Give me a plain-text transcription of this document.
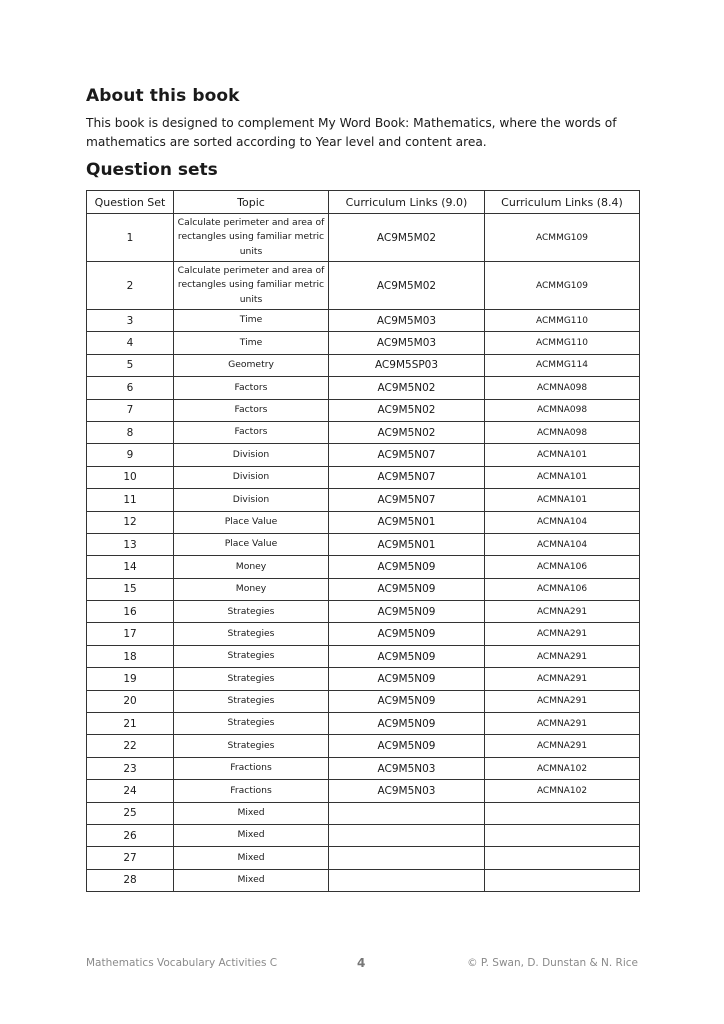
About this book

This book is designed to complement My Word Book: Mathematics, where the words of mathematics are sorted according to Year level and content area.

Question sets
Question Set	Topic	Curriculum Links (9.0)	Curriculum Links (8.4)
1	Calculate perimeter and area of rectangles using familiar metric units	AC9M5M02	ACMMG109
2	Calculate perimeter and area of rectangles using familiar metric units	AC9M5M02	ACMMG109
3	Time	AC9M5M03	ACMMG110
4	Time	AC9M5M03	ACMMG110
5	Geometry	AC9M5SP03	ACMMG114
6	Factors	AC9M5N02	ACMNA098
7	Factors	AC9M5N02	ACMNA098
8	Factors	AC9M5N02	ACMNA098
9	Division	AC9M5N07	ACMNA101
10	Division	AC9M5N07	ACMNA101
11	Division	AC9M5N07	ACMNA101
12	Place Value	AC9M5N01	ACMNA104
13	Place Value	AC9M5N01	ACMNA104
14	Money	AC9M5N09	ACMNA106
15	Money	AC9M5N09	ACMNA106
16	Strategies	AC9M5N09	ACMNA291
17	Strategies	AC9M5N09	ACMNA291
18	Strategies	AC9M5N09	ACMNA291
19	Strategies	AC9M5N09	ACMNA291
20	Strategies	AC9M5N09	ACMNA291
21	Strategies	AC9M5N09	ACMNA291
22	Strategies	AC9M5N09	ACMNA291
23	Fractions	AC9M5N03	ACMNA102
24	Fractions	AC9M5N03	ACMNA102
25	Mixed		
26	Mixed		
27	Mixed		
28	Mixed		
Mathematics Vocabulary Activities C	4	© P. Swan, D. Dunstan & N. Rice
